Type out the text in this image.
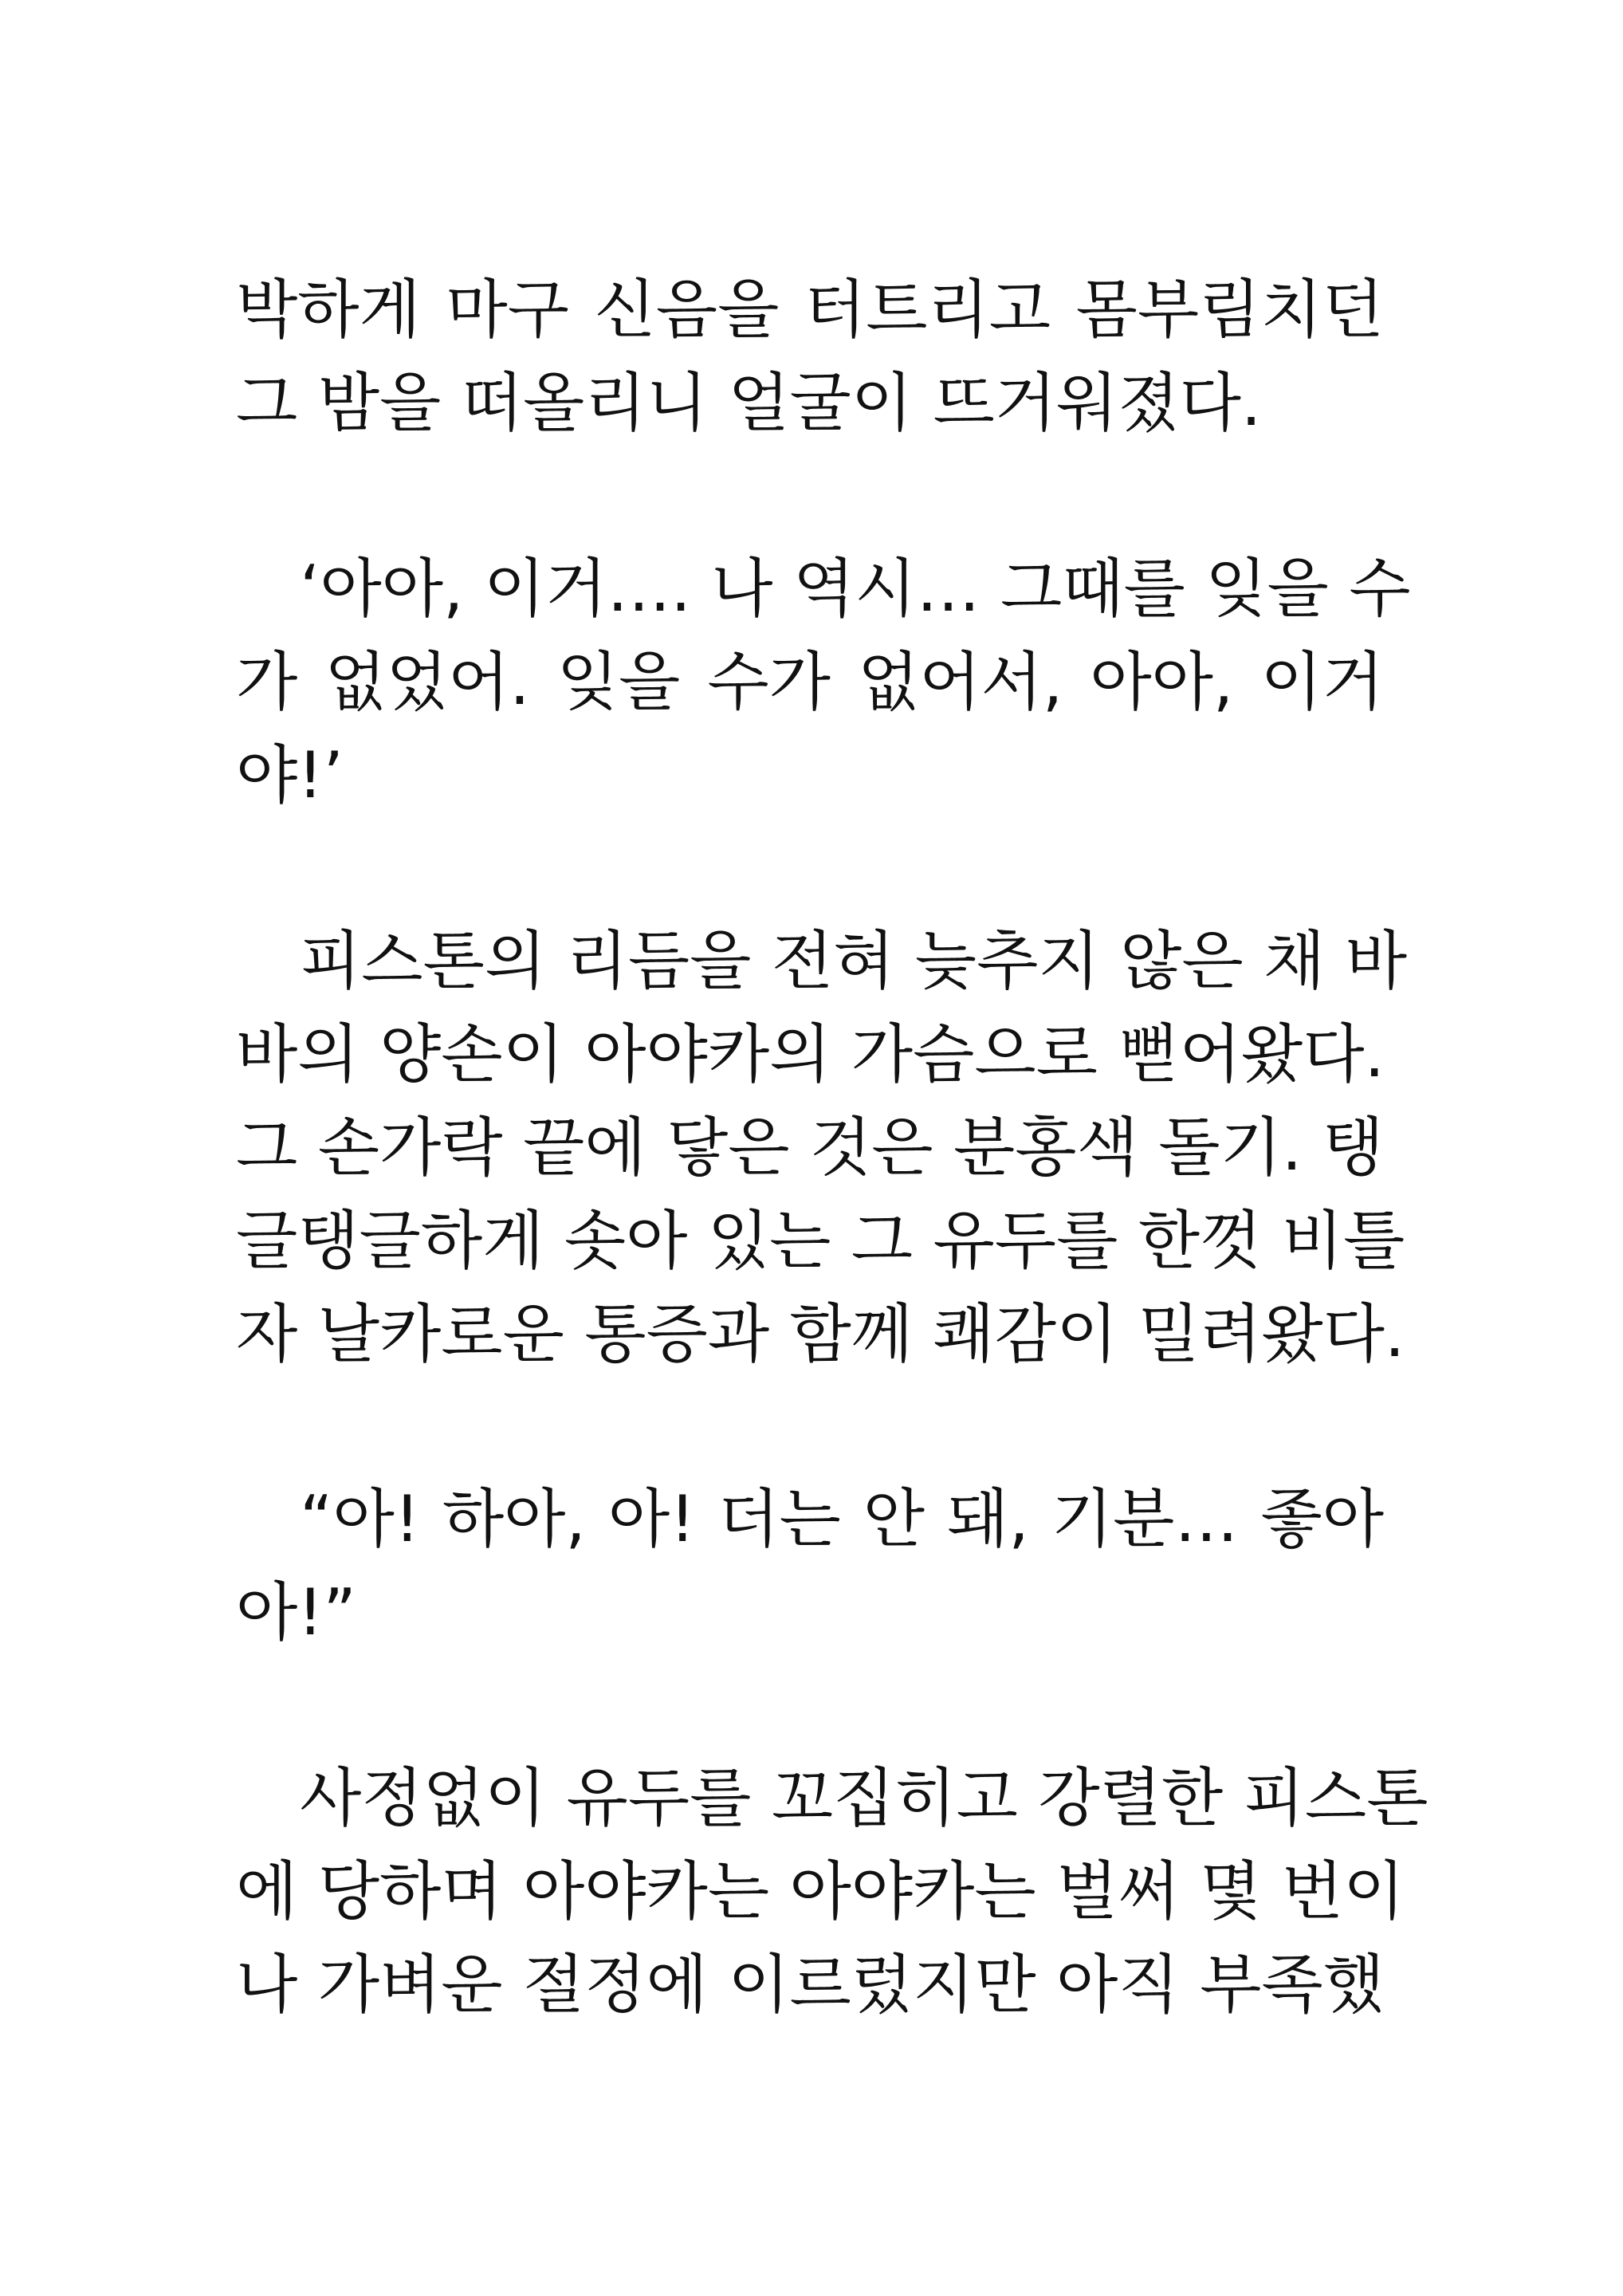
박하게 마구 신음을 터트리고 몸부림치던
그 밤을 떠올리니 얼굴이 뜨거워졌다.
‘아아, 이거…. 나 역시… 그때를 잊을 수
가 없었어. 잊을 수가 없어서, 아아, 이거
야!’
피스톤의 리듬을 전혀 늦추지 않은 채 바
바의 양손이 아야카의 가슴으로 뻗어왔다.
그 손가락 끝에 닿은 것은 분홍색 돌기. 탱
글탱글하게 솟아 있는 그 유두를 한껏 비틀
자 날카로운 통증과 함께 쾌감이 밀려왔다.
“아! 하아, 아! 더는 안 돼, 기분… 좋아
아!”
사정없이 유두를 꼬집히고 강렬한 피스톤
에 당하며 아야카는 아야카는 벌써 몇 번이
나 가벼운 절정에 이르렀지만 아직 부족했
